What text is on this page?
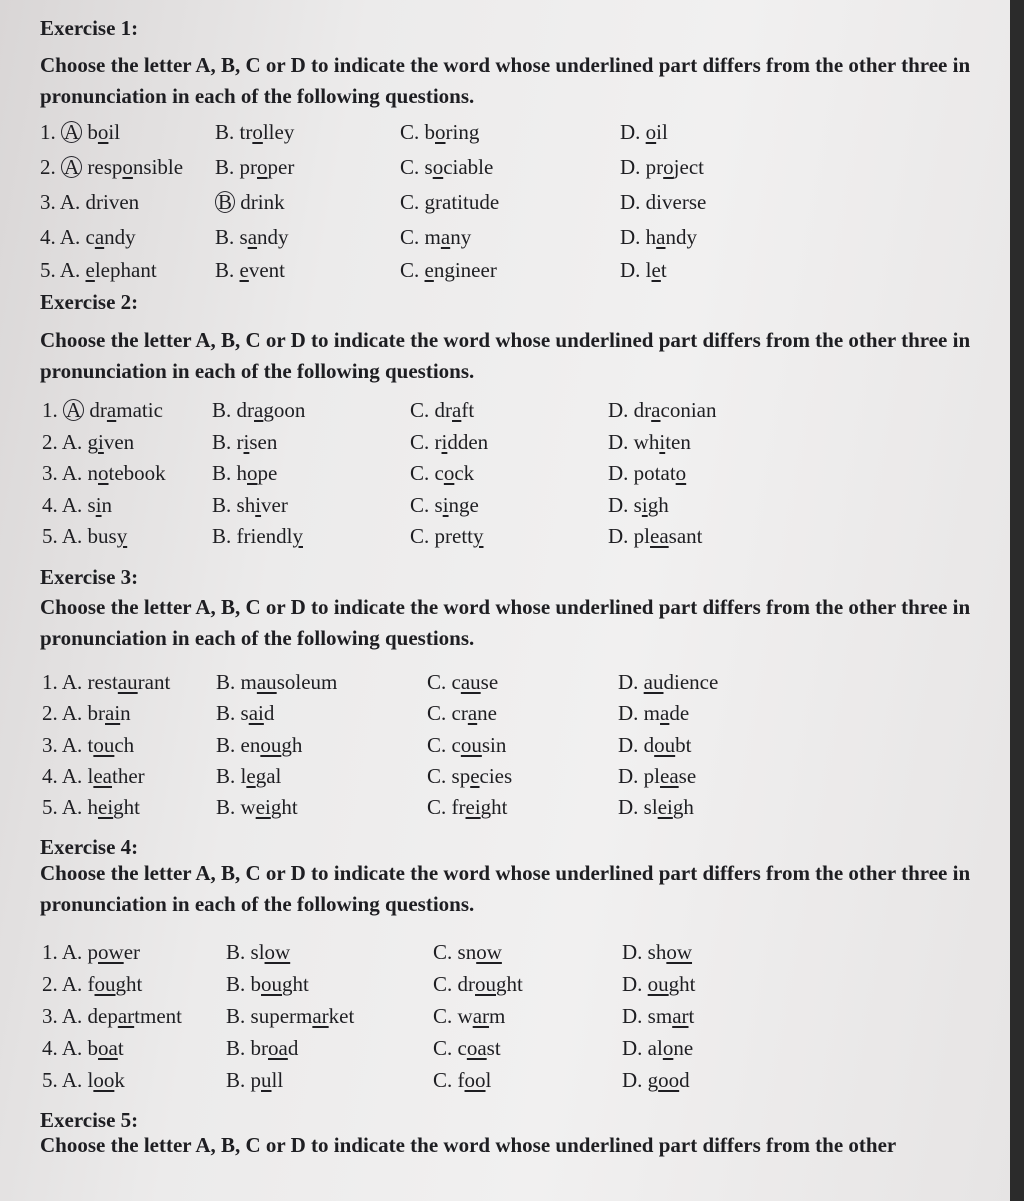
Exercise 1:
Choose the letter A, B, C or D to indicate the word whose underlined part differs from the other three in pronunciation in each of the following questions.
1. A boil	B. trolley	C. boring	D. oil
2. A responsible B. proper	C. sociable	D. project
3. A. driven	B drink	C. gratitude	D. diverse
4. A. candy	B. sandy	C. many	D. handy
5. A. elephant	B. event	C. engineer	D. let
Exercise 2:
Choose the letter A, B, C or D to indicate the word whose underlined part differs from the other three in pronunciation in each of the following questions.
1. A dramatic B. dragoon	C. draft	D. draconian
2. A. given	B. risen	C. ridden	D. whiten
3. A. notebook B. hope	C. cock	D. potato
4. A. sin	B. shiver	C. singe	D. sigh
5. A. busy	B. friendly	C. pretty	D. pleasant
Exercise 3:
Choose the letter A, B, C or D to indicate the word whose underlined part differs from the other three in pronunciation in each of the following questions.
1. A. restaurant B. mausoleum	C. cause	D. audience
2. A. brain	B. said	C. crane	D. made
3. A. touch	B. enough	C. cousin	D. doubt
4. A. leather	B. legal	C. species	D. please
5. A. height	B. weight	C. freight	D. sleigh
Exercise 4:
Choose the letter A, B, C or D to indicate the word whose underlined part differs from the other three in pronunciation in each of the following questions.
1. A. power	B. slow	C. snow	D. show
2. A. fought	B. bought	C. drought	D. ought
3. A. department B. supermarket	C. warm	D. smart
4. A. boat	B. broad	C. coast	D. alone
5. A. look	B. pull	C. fool	D. good
Exercise 5:
Choose the letter A, B, C or D to indicate the word whose underlined part differs from the other
